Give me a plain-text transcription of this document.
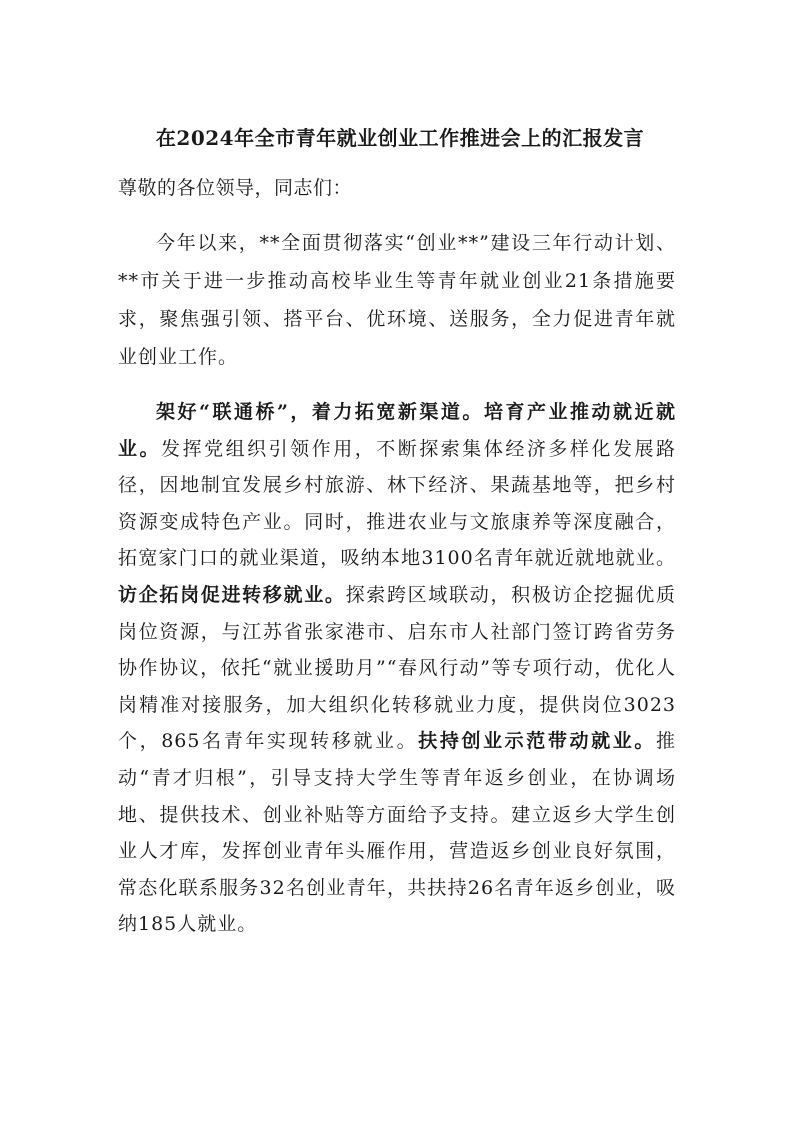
在2024年全市青年就业创业工作推进会上的汇报发言

尊敬的各位领导，同志们：

今年以来，**全面贯彻落实“创业**”建设三年行动计划、**市关于进一步推动高校毕业生等青年就业创业21条措施要求，聚焦强引领、搭平台、优环境、送服务，全力促进青年就业创业工作。

架好“联通桥”，着力拓宽新渠道。培育产业推动就近就业。发挥党组织引领作用，不断探索集体经济多样化发展路径，因地制宜发展乡村旅游、林下经济、果蔬基地等，把乡村资源变成特色产业。同时，推进农业与文旅康养等深度融合，拓宽家门口的就业渠道，吸纳本地3100名青年就近就地就业。访企拓岗促进转移就业。探索跨区域联动，积极访企挖掘优质岗位资源，与江苏省张家港市、启东市人社部门签订跨省劳务协作协议，依托“就业援助月”“春风行动”等专项行动，优化人岗精准对接服务，加大组织化转移就业力度，提供岗位3023个，865名青年实现转移就业。扶持创业示范带动就业。推动“青才归根”，引导支持大学生等青年返乡创业，在协调场地、提供技术、创业补贴等方面给予支持。建立返乡大学生创业人才库，发挥创业青年头雁作用，营造返乡创业良好氛围，常态化联系服务32名创业青年，共扶持26名青年返乡创业，吸纳185人就业。
